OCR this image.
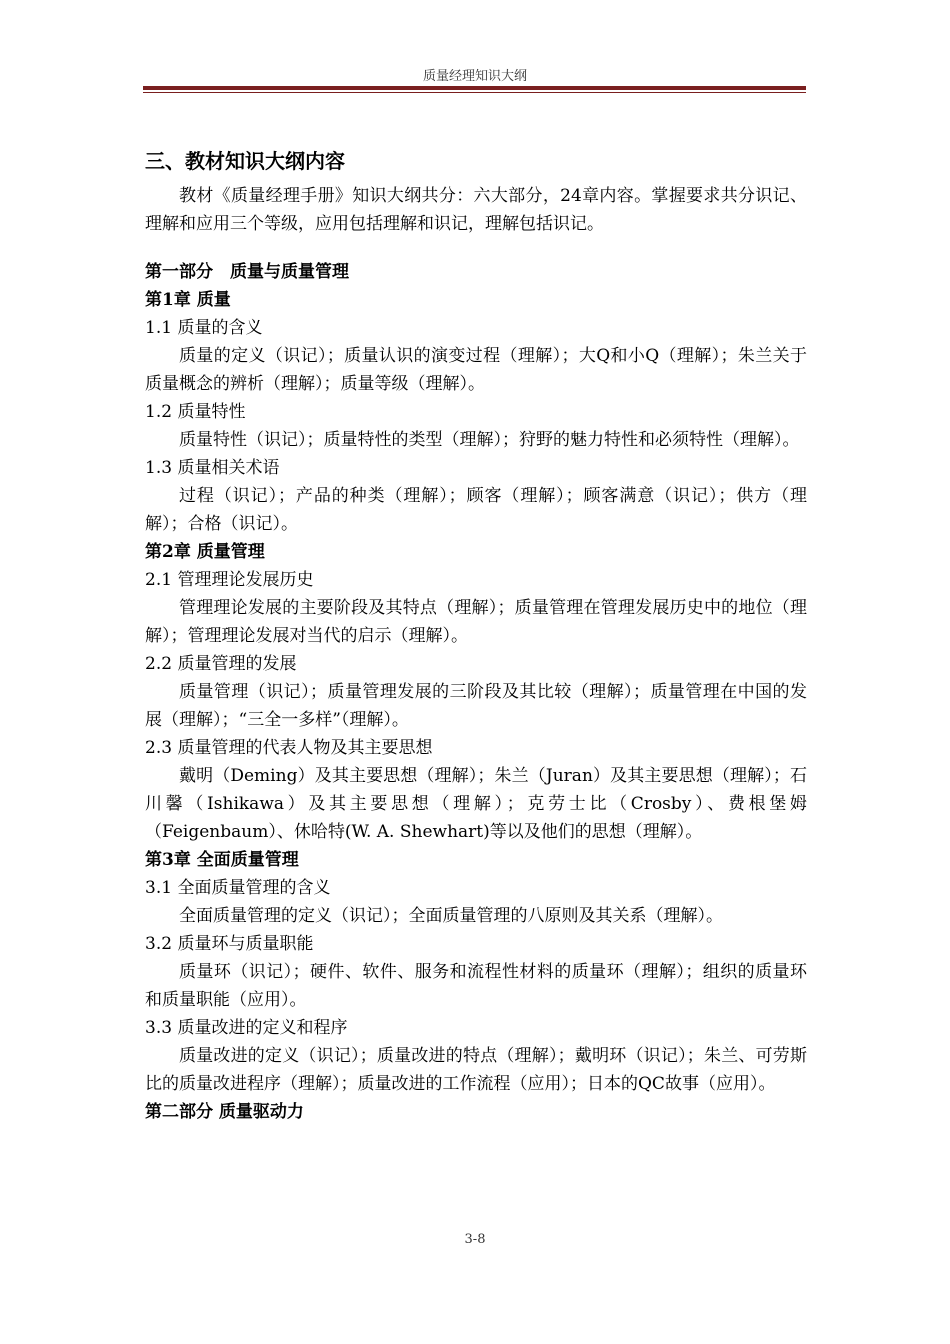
质量经理知识大纲
三、教材知识大纲内容
教材《质量经理手册》知识大纲共分：六大部分，24章内容。掌握要求共分识记、理解和应用三个等级，应用包括理解和识记，理解包括识记。
第一部分　质量与质量管理
第1章 质量
1.1 质量的含义
质量的定义（识记）；质量认识的演变过程（理解）；大Q和小Q（理解）；朱兰关于质量概念的辨析（理解）；质量等级（理解）。
1.2 质量特性
质量特性（识记）；质量特性的类型（理解）；狩野的魅力特性和必须特性（理解）。
1.3 质量相关术语
过程（识记）；产品的种类（理解）；顾客（理解）；顾客满意（识记）；供方（理解）；合格（识记）。
第2章 质量管理
2.1 管理理论发展历史
管理理论发展的主要阶段及其特点（理解）；质量管理在管理发展历史中的地位（理解）；管理理论发展对当代的启示（理解）。
2.2 质量管理的发展
质量管理（识记）；质量管理发展的三阶段及其比较（理解）；质量管理在中国的发展（理解）；“三全一多样”（理解）。
2.3 质量管理的代表人物及其主要思想
戴明（Deming）及其主要思想（理解）；朱兰（Juran）及其主要思想（理解）；石川馨（Ishikawa）及其主要思想（理解）；克劳士比（Crosby）、费根堡姆（Feigenbaum）、休哈特(W. A. Shewhart)等以及他们的思想（理解）。
第3章 全面质量管理
3.1 全面质量管理的含义
全面质量管理的定义（识记）；全面质量管理的八原则及其关系（理解）。
3.2 质量环与质量职能
质量环（识记）；硬件、软件、服务和流程性材料的质量环（理解）；组织的质量环和质量职能（应用）。
3.3 质量改进的定义和程序
质量改进的定义（识记）；质量改进的特点（理解）；戴明环（识记）；朱兰、可劳斯比的质量改进程序（理解）；质量改进的工作流程（应用）；日本的QC故事（应用）。
第二部分 质量驱动力
3-8
